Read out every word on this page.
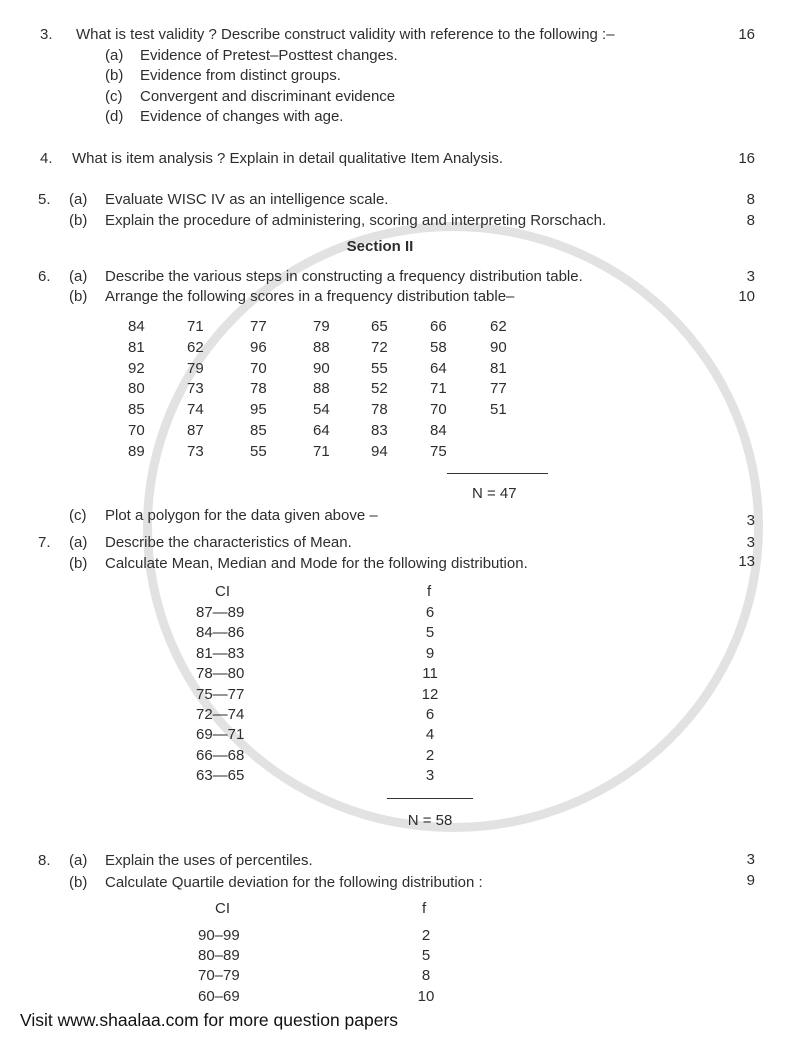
3. What is test validity ? Describe construct validity with reference to the following :–	16
(a) Evidence of Pretest–Posttest changes.
(b) Evidence from distinct groups.
(c) Convergent and discriminant evidence
(d) Evidence of changes with age.
4. What is item analysis ? Explain in detail qualitative Item Analysis.	16
5. (a) Evaluate WISC IV as an intelligence scale.	8
(b) Explain the procedure of administering, scoring and interpreting Rorschach.	8
Section II
6. (a) Describe the various steps in constructing a frequency distribution table.	3
(b) Arrange the following scores in a frequency distribution table–	10
84	71	77	79	65	66	62
81	62	96	88	72	58	90
92	79	70	90	55	64	81
80	73	78	88	52	71	77
85	74	95	54	78	70	51
70	87	85	64	83	84
89	73	55	71	94	75
N = 47
(c) Plot a polygon for the data given above –	3
7. (a) Describe the characteristics of Mean.	3
(b) Calculate Mean, Median and Mode for the following distribution.	13
CI	f
87—89	6
84—86	5
81—83	9
78—80	11
75—77	12
72—74	6
69—71	4
66—68	2
63—65	3
N = 58
8. (a) Explain the uses of percentiles.	3
(b) Calculate Quartile deviation for the following distribution :	9
CI	f
90–99	2
80–89	5
70–79	8
60–69	10
Visit www.shaalaa.com for more question papers
